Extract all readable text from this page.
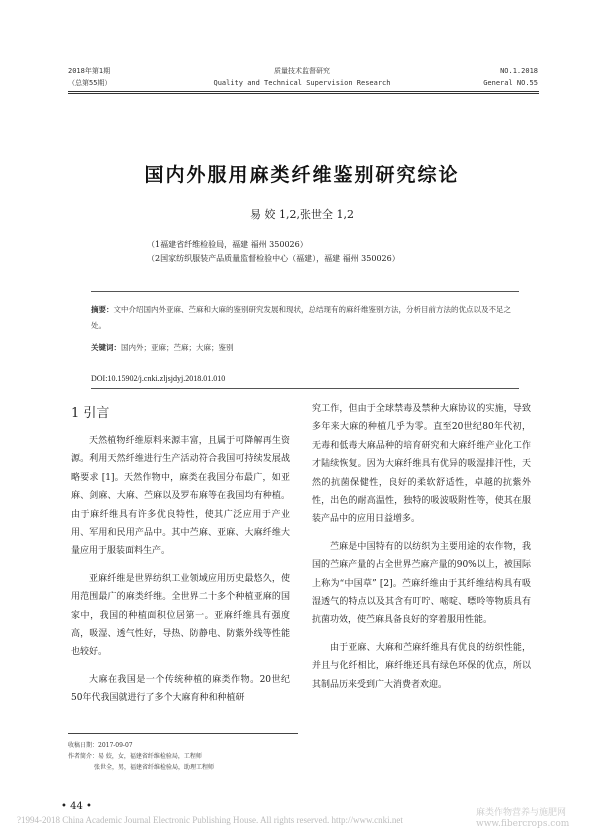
2018年第1期
（总第55期）
质量技术监督研究
Quality and Technical Supervision Research
NO.1.2018
General NO.55
国内外服用麻类纤维鉴别研究综论
易 姣 1,2,张世全 1,2
（1福建省纤维检验局，福建 福州 350026）
（2国家纺织服装产品质量监督检验中心（福建），福建 福州 350026）
摘要：文中介绍国内外亚麻、苎麻和大麻的鉴别研究发展和现状，总结现有的麻纤维鉴别方法，分析目前方法的优点以及不足之处。
关键词：国内外；亚麻；苎麻；大麻；鉴别
DOI:10.15902/j.cnki.zljsjdyj.2018.01.010
1 引言

天然植物纤维原料来源丰富，且属于可降解再生资源。利用天然纤维进行生产活动符合我国可持续发展战略要求 [1]。天然作物中，麻类在我国分布最广，如亚麻、剑麻、大麻、苎麻以及罗布麻等在我国均有种植。由于麻纤维具有许多优良特性，使其广泛应用于产业用、军用和民用产品中。其中苎麻、亚麻、大麻纤维大量应用于服装面料生产。

亚麻纤维是世界纺织工业领域应用历史最悠久，使用范围最广的麻类纤维。全世界二十多个种植亚麻的国家中，我国的种植面积位居第一。亚麻纤维具有强度高，吸湿、透气性好，导热、防静电、防紫外线等性能也较好。

大麻在我国是一个传统种植的麻类作物。20世纪50年代我国就进行了多个大麻育种和种植研

究工作，但由于全球禁毒及禁种大麻协议的实施，导致多年来大麻的种植几乎为零。直至20世纪80年代初，无毒和低毒大麻品种的培育研究和大麻纤维产业化工作才陆续恢复。因为大麻纤维具有优异的吸湿排汗性，天然的抗菌保健性，良好的柔软舒适性，卓越的抗紫外性，出色的耐高温性，独特的吸波吸附性等，使其在服装产品中的应用日益增多。

苎麻是中国特有的以纺织为主要用途的农作物，我国的苎麻产量的占全世界苎麻产量的90%以上，被国际上称为“中国草” [2]。苎麻纤维由于其纤维结构具有吸湿透气的特点以及其含有叮咛、嘧啶、嘌呤等物质具有抗菌功效，使苎麻具备良好的穿着服用性能。

由于亚麻、大麻和苎麻纤维具有优良的纺织性能，并且与化纤相比，麻纤维还具有绿色环保的优点，所以其制品历来受到广大消费者欢迎。

收稿日期：2017-09-07
作者简介：易 姣，女，福建省纤维检验局，工程师
张世全，男，福建省纤维检验局，助理工程师
• 44 •
?1994-2018 China Academic Journal Electronic Publishing House. All rights reserved. http://www.cnki.net
麻类作物营养与施肥网
www.fibercrops.com
